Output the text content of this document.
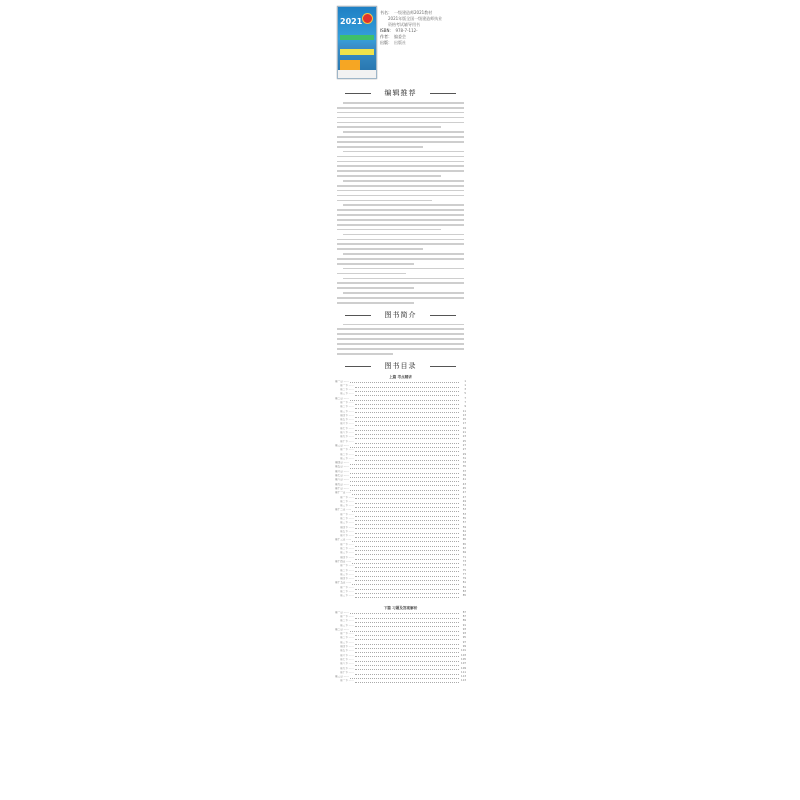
2021
书名： 一级建造师2021教材
2021年版全国一级建造师执业
资格考试辅导用书
ISBN： 978-7-112-
作者： 编委会
出版： 出版社
编辑推荐
图书简介
图书目录
上篇 考点精讲
第一章 ……	1
第一节 ……	1
第二节 ……	3
第三节 ……	5
第二章 ……	7
第一节 ……	7
第二节 ……	9
第三节 ……	11
第四节 ……	13
第五节 ……	15
第六节 ……	17
第七节 ……	19
第八节 ……	21
第九节 ……	23
第十节 ……	25
第三章 ……	27
第一节 ……	27
第二节 ……	29
第三节 ……	31
第四章 ……	33
第五章 ……	35
第六章 ……	37
第七章 ……	39
第八章 ……	41
第九章 ……	43
第十章 ……	45
第十一章 ……	47
第一节 ……	47
第二节 ……	49
第三节 ……	51
第十二章 ……	53
第一节 ……	53
第二节 ……	55
第三节 ……	57
第四节 ……	59
第五节 ……	61
第六节 ……	63
第十三章 ……	65
第一节 ……	65
第二节 ……	67
第三节 ……	69
第四节 ……	71
第十四章 ……	73
第一节 ……	73
第二节 ……	75
第三节 ……	77
第四节 ……	79
第十五章 ……	81
第一节 ……	81
第二节 ……	83
第三节 ……	85
下篇 习题及答案解析
第一章 ……	87
第一节 ……	87
第二节 ……	89
第三节 ……	91
第二章 ……	93
第一节 ……	93
第二节 ……	95
第三节 ……	97
第四节 ……	99
第五节 ……	101
第六节 ……	103
第七节 ……	105
第八节 ……	107
第九节 ……	109
第十节 ……	111
第三章 ……	113
第一节 ……	113
